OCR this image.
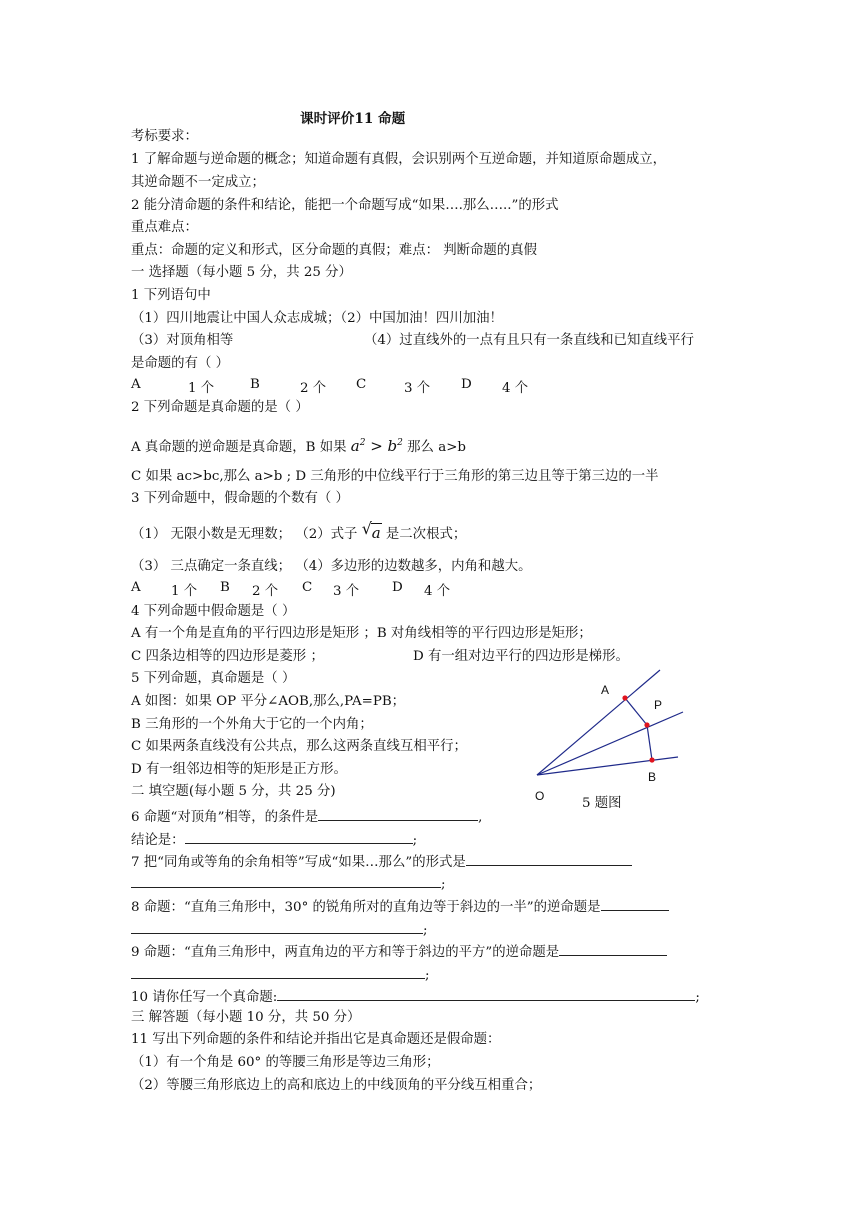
课时评价11 命题
考标要求：
1 了解命题与逆命题的概念；知道命题有真假，会识别两个互逆命题，并知道原命题成立，
其逆命题不一定成立；
2 能分清命题的条件和结论，能把一个命题写成“如果….那么…..”的形式
重点难点：
重点：命题的定义和形式，区分命题的真假；难点： 判断命题的真假
一 选择题（每小题 5 分，共 25 分）
1 下列语句中
（1）四川地震让中国人众志成城；（2）中国加油！四川加油！
（3）对顶角相等	（4）过直线外的一点有且只有一条直线和已知直线平行
是命题的有（ ）
A	1 个	B	2 个 C	3 个 D 4 个
2 下列命题是真命题的是（ ）
A 真命题的逆命题是真命题，B 如果 $a^2 > b^2$ 那么 a>b
C 如果 ac>bc,那么 a>b ; D 三角形的中位线平行于三角形的第三边且等于第三边的一半
3 下列命题中，假命题的个数有（ ）
（1） 无限小数是无理数； （2）式子 √ a 是二次根式；
（3） 三点确定一条直线； （4）多边形的边数越多，内角和越大。
A 1 个 B 2 个 C 3 个 D 4 个
4 下列命题中假命题是（ ）
A 有一个角是直角的平行四边形是矩形 ；B 对角线相等的平行四边形是矩形；
C 四条边相等的四边形是菱形 ；	D 有一组对边平行的四边形是梯形。
5 下列命题，真命题是（ ）
A 如图：如果 OP 平分∠AOB,那么,PA=PB；
B 三角形的一个外角大于它的一个内角；
C 如果两条直线没有公共点，那么这两条直线互相平行；
D 有一组邻边相等的矩形是正方形。
二 填空题(每小题 5 分，共 25 分)
6 命题“对顶角”相等，的条件是	,
结论是：	;
7 把“同角或等角的余角相等”写成“如果…那么”的形式是
;
8 命题：“直角三角形中，30° 的锐角所对的直角边等于斜边的一半”的逆命题是
;
9 命题：“直角三角形中，两直角边的平方和等于斜边的平方”的逆命题是
;
10 请你任写一个真命题:	;
三 解答题（每小题 10 分，共 50 分）
11 写出下列命题的条件和结论并指出它是真命题还是假命题：
（1）有一个角是 60° 的等腰三角形是等边三角形；
（2）等腰三角形底边上的高和底边上的中线顶角的平分线互相重合；
A
P
B
O	5 题图
